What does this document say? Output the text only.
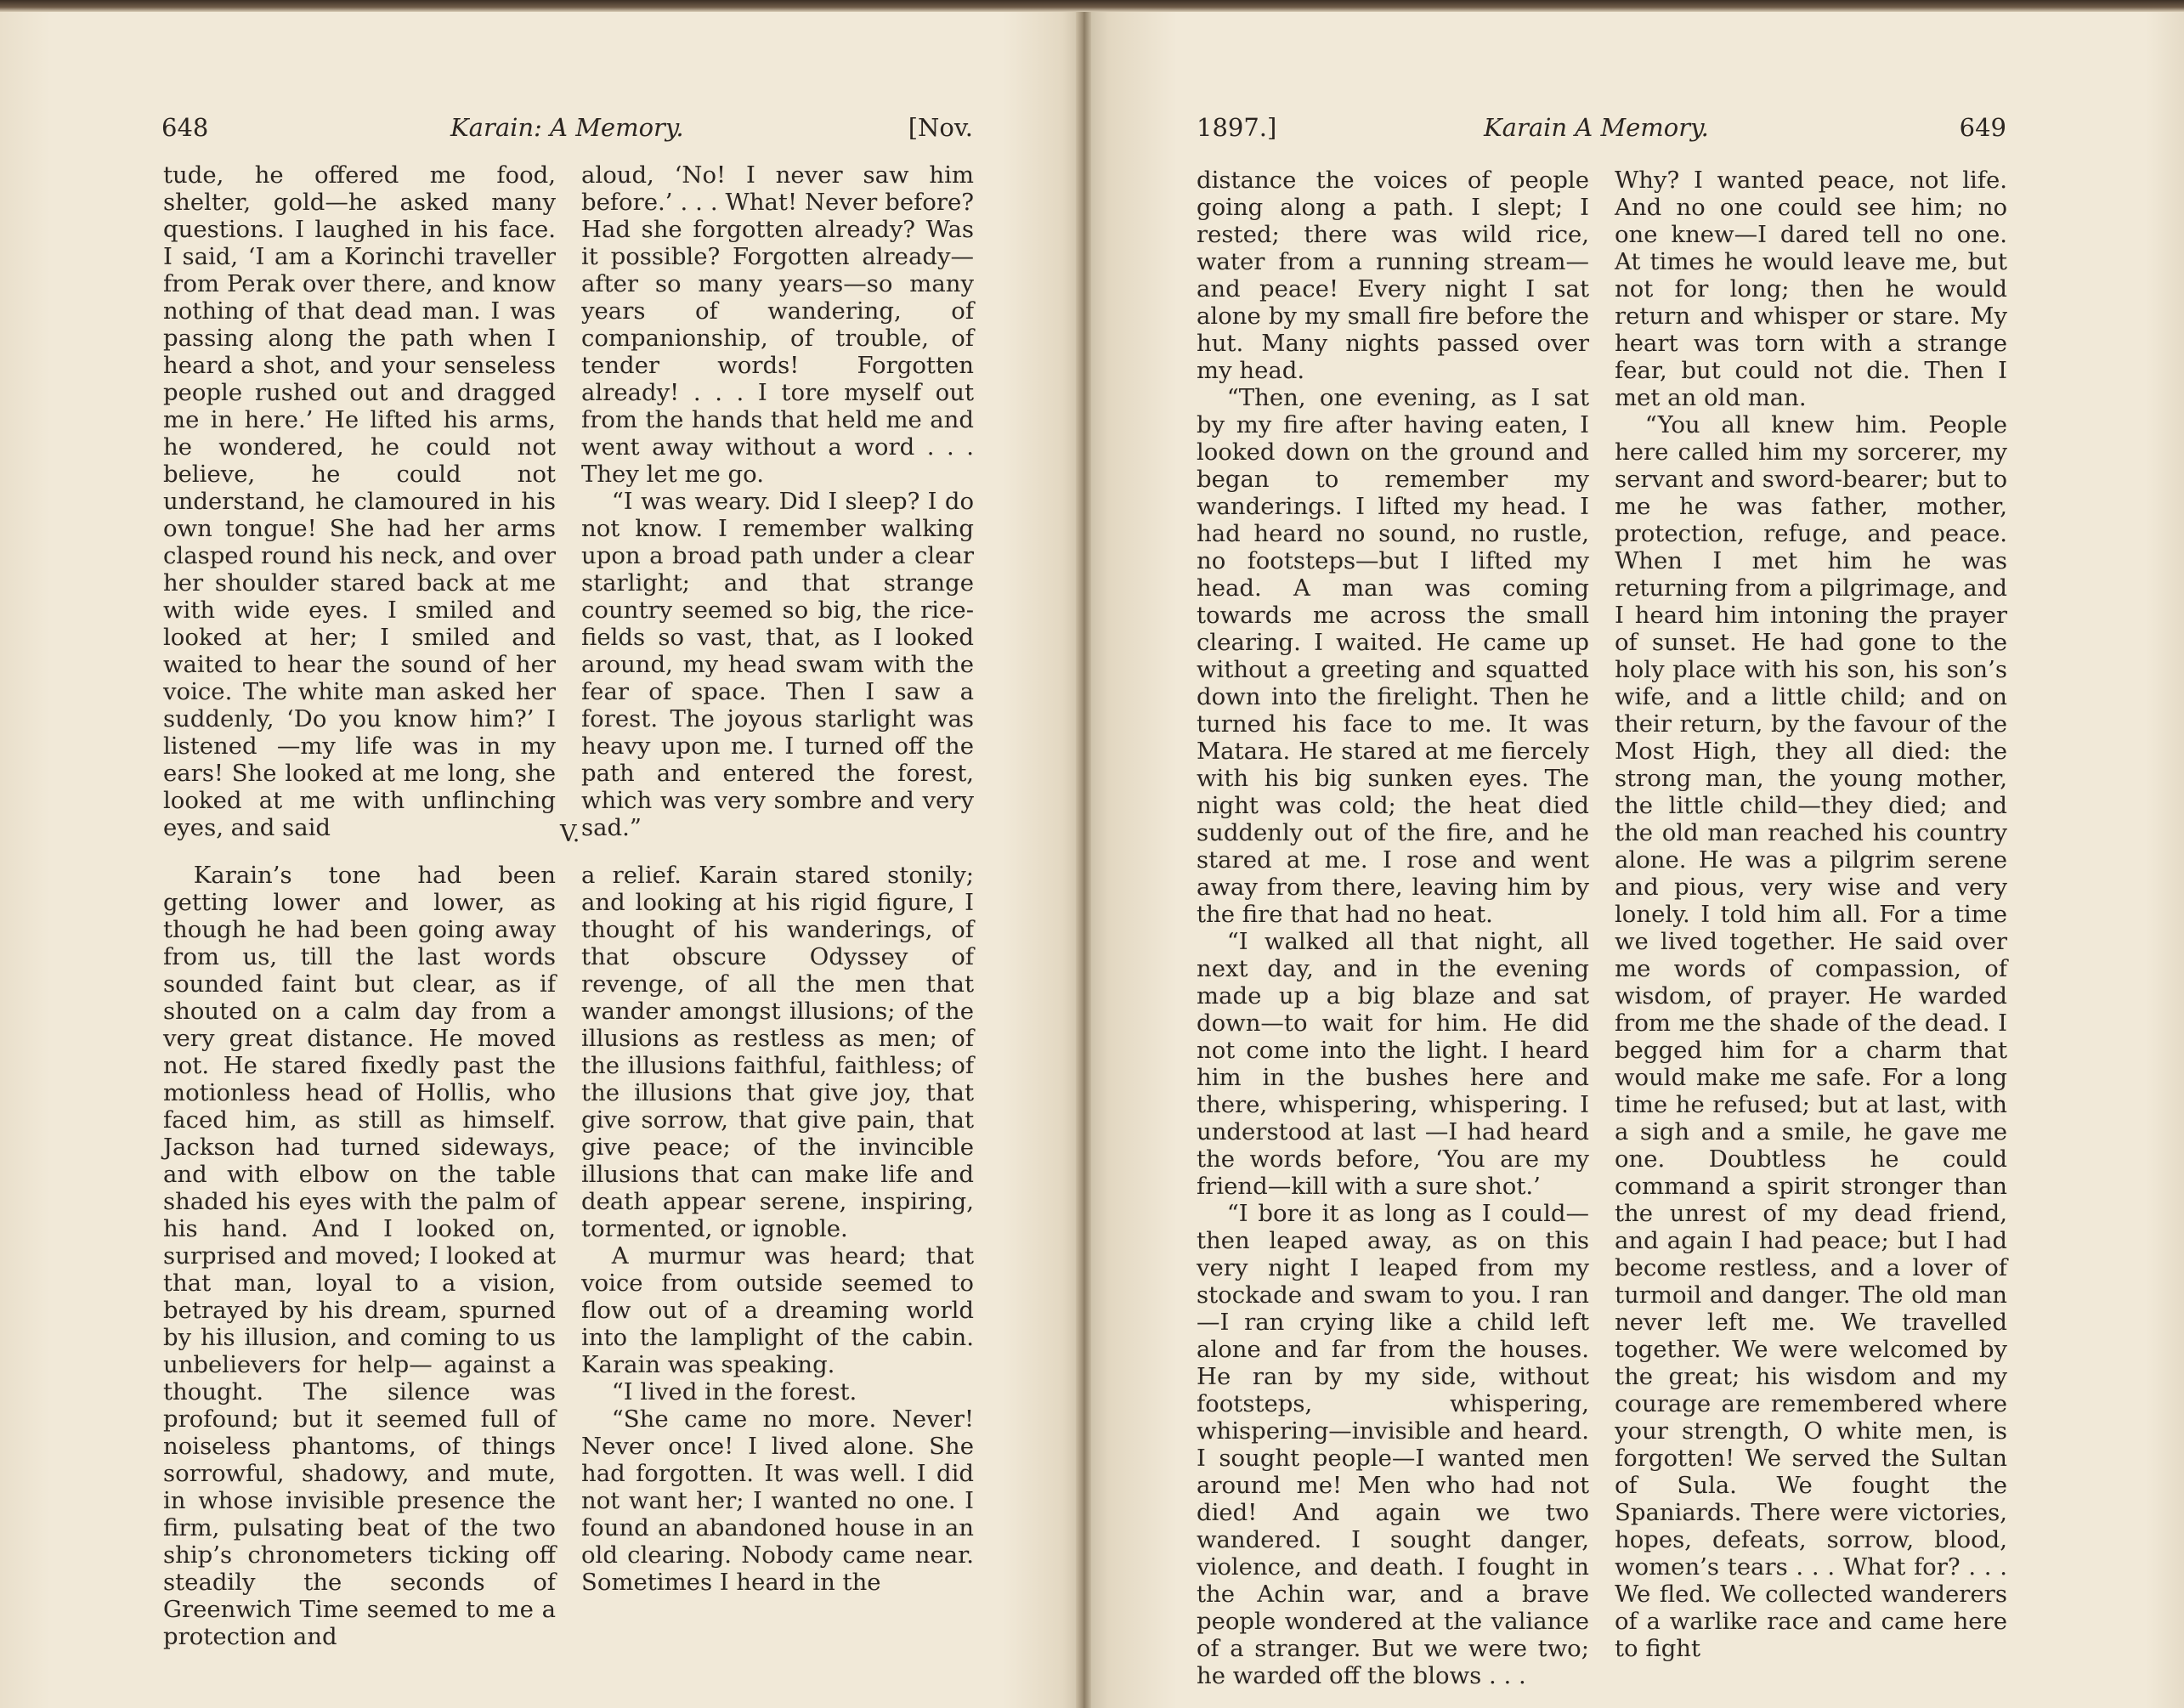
648	Karain: A Memory.	[Nov.

tude, he offered me food, shelter, gold—he asked many questions. I laughed in his face. I said, ‘I am a Korinchi traveller from Perak over there, and know nothing of that dead man. I was passing along the path when I heard a shot, and your senseless people rushed out and dragged me in here.’ He lifted his arms, he wondered, he could not believe, he could not understand, he clamoured in his own tongue! She had her arms clasped round his neck, and over her shoulder stared back at me with wide eyes. I smiled and looked at her; I smiled and waited to hear the sound of her voice. The white man asked her suddenly, ‘Do you know him?’ I listened —my life was in my ears! She looked at me long, she looked at me with unflinching eyes, and said

aloud, ‘No! I never saw him before.’ . . . What! Never before? Had she forgotten already? Was it possible? Forgotten already— after so many years—so many years of wandering, of companionship, of trouble, of tender words! Forgotten already! . . . I tore myself out from the hands that held me and went away without a word . . . They let me go.

“I was weary. Did I sleep? I do not know. I remember walking upon a broad path under a clear starlight; and that strange country seemed so big, the rice-fields so vast, that, as I looked around, my head swam with the fear of space. Then I saw a forest. The joyous starlight was heavy upon me. I turned off the path and entered the forest, which was very sombre and very sad.”

V.

Karain’s tone had been getting lower and lower, as though he had been going away from us, till the last words sounded faint but clear, as if shouted on a calm day from a very great distance. He moved not. He stared fixedly past the motionless head of Hollis, who faced him, as still as himself. Jackson had turned sideways, and with elbow on the table shaded his eyes with the palm of his hand. And I looked on, surprised and moved; I looked at that man, loyal to a vision, betrayed by his dream, spurned by his illusion, and coming to us unbelievers for help— against a thought. The silence was profound; but it seemed full of noiseless phantoms, of things sorrowful, shadowy, and mute, in whose invisible presence the firm, pulsating beat of the two ship’s chronometers ticking off steadily the seconds of Greenwich Time seemed to me a protection and

a relief. Karain stared stonily; and looking at his rigid figure, I thought of his wanderings, of that obscure Odyssey of revenge, of all the men that wander amongst illusions; of the illusions as restless as men; of the illusions faithful, faithless; of the illusions that give joy, that give sorrow, that give pain, that give peace; of the invincible illusions that can make life and death appear serene, inspiring, tormented, or ignoble.

A murmur was heard; that voice from outside seemed to flow out of a dreaming world into the lamplight of the cabin. Karain was speaking.

“I lived in the forest.

“She came no more. Never! Never once! I lived alone. She had forgotten. It was well. I did not want her; I wanted no one. I found an abandoned house in an old clearing. Nobody came near. Sometimes I heard in the

1897.]	Karain A Memory.	649

distance the voices of people going along a path. I slept; I rested; there was wild rice, water from a running stream—and peace! Every night I sat alone by my small fire before the hut. Many nights passed over my head.

“Then, one evening, as I sat by my fire after having eaten, I looked down on the ground and began to remember my wanderings. I lifted my head. I had heard no sound, no rustle, no footsteps—but I lifted my head. A man was coming towards me across the small clearing. I waited. He came up without a greeting and squatted down into the firelight. Then he turned his face to me. It was Matara. He stared at me fiercely with his big sunken eyes. The night was cold; the heat died suddenly out of the fire, and he stared at me. I rose and went away from there, leaving him by the fire that had no heat.

“I walked all that night, all next day, and in the evening made up a big blaze and sat down—to wait for him. He did not come into the light. I heard him in the bushes here and there, whispering, whispering. I understood at last —I had heard the words before, ‘You are my friend—kill with a sure shot.’

“I bore it as long as I could— then leaped away, as on this very night I leaped from my stockade and swam to you. I ran—I ran crying like a child left alone and far from the houses. He ran by my side, without footsteps, whispering, whispering—invisible and heard. I sought people—I wanted men around me! Men who had not died! And again we two wandered. I sought danger, violence, and death. I fought in the Achin war, and a brave people wondered at the valiance of a stranger. But we were two; he warded off the blows . . .

Why? I wanted peace, not life. And no one could see him; no one knew—I dared tell no one. At times he would leave me, but not for long; then he would return and whisper or stare. My heart was torn with a strange fear, but could not die. Then I met an old man.

“You all knew him. People here called him my sorcerer, my servant and sword-bearer; but to me he was father, mother, protection, refuge, and peace. When I met him he was returning from a pilgrimage, and I heard him intoning the prayer of sunset. He had gone to the holy place with his son, his son’s wife, and a little child; and on their return, by the favour of the Most High, they all died: the strong man, the young mother, the little child—they died; and the old man reached his country alone. He was a pilgrim serene and pious, very wise and very lonely. I told him all. For a time we lived together. He said over me words of compassion, of wisdom, of prayer. He warded from me the shade of the dead. I begged him for a charm that would make me safe. For a long time he refused; but at last, with a sigh and a smile, he gave me one. Doubtless he could command a spirit stronger than the unrest of my dead friend, and again I had peace; but I had become restless, and a lover of turmoil and danger. The old man never left me. We travelled together. We were welcomed by the great; his wisdom and my courage are remembered where your strength, O white men, is forgotten! We served the Sultan of Sula. We fought the Spaniards. There were victories, hopes, defeats, sorrow, blood, women’s tears . . . What for? . . . We fled. We collected wanderers of a warlike race and came here to fight
